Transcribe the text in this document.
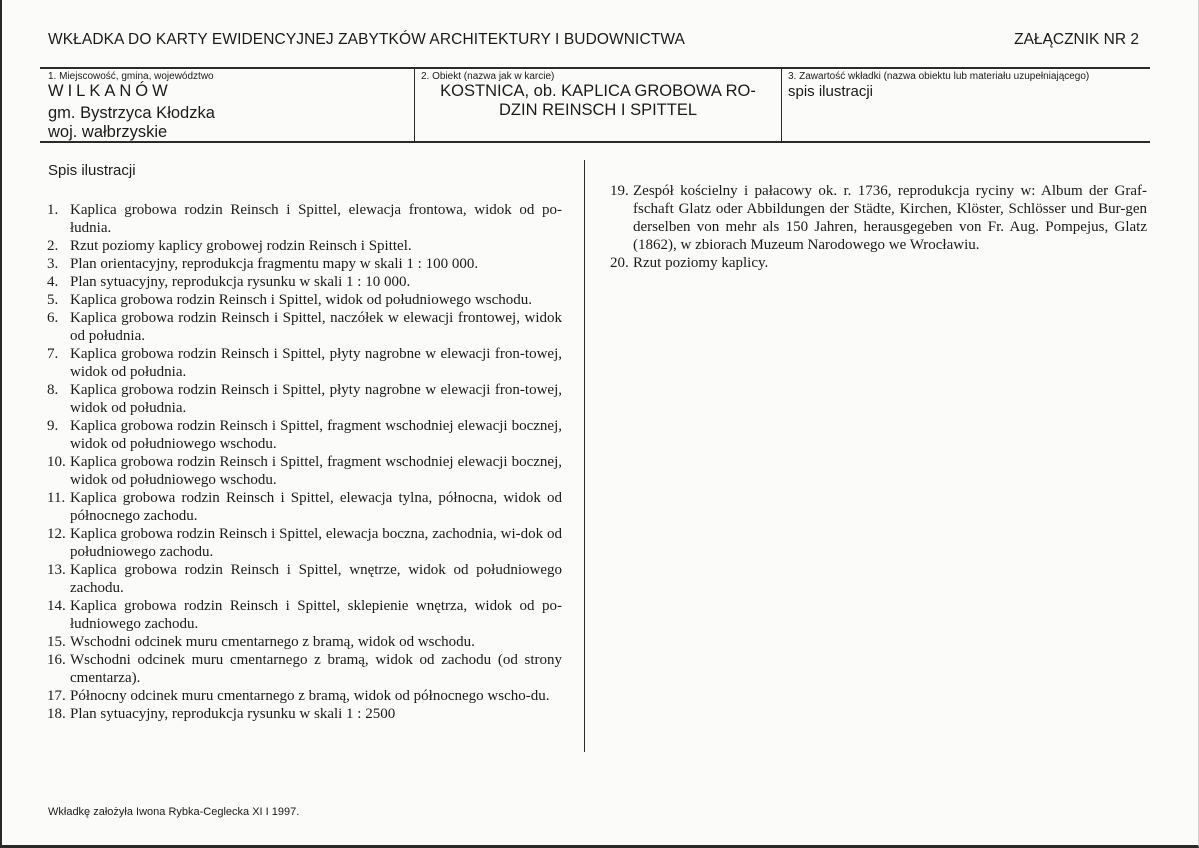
WKŁADKA DO KARTY EWIDENCYJNEJ ZABYTKÓW ARCHITEKTURY I BUDOWNICTWA	ZAŁĄCZNIK NR 2
1. Miejscowość, gmina, województwo
WILKANÓW
gm. Bystrzyca Kłodzka
woj. wałbrzyskie
2. Obiekt (nazwa jak w karcie)
KOSTNICA, ob. KAPLICA GROBOWA RO-
DZIN REINSCH I SPITTEL
3. Zawartość wkładki (nazwa obiektu lub materiału uzupełniającego)
spis ilustracji
Spis ilustracji
1. Kaplica grobowa rodzin Reinsch i Spittel, elewacja frontowa, widok od po-łudnia.
2. Rzut poziomy kaplicy grobowej rodzin Reinsch i Spittel.
3. Plan orientacyjny, reprodukcja fragmentu mapy w skali 1 : 100 000.
4. Plan sytuacyjny, reprodukcja rysunku w skali 1 : 10 000.
5. Kaplica grobowa rodzin Reinsch i Spittel, widok od południowego wschodu.
6. Kaplica grobowa rodzin Reinsch i Spittel, naczółek w elewacji frontowej, widok od południa.
7. Kaplica grobowa rodzin Reinsch i Spittel, płyty nagrobne w elewacji fron-towej, widok od południa.
8. Kaplica grobowa rodzin Reinsch i Spittel, płyty nagrobne w elewacji fron-towej, widok od południa.
9. Kaplica grobowa rodzin Reinsch i Spittel, fragment wschodniej elewacji bocznej, widok od południowego wschodu.
10. Kaplica grobowa rodzin Reinsch i Spittel, fragment wschodniej elewacji bocznej, widok od południowego wschodu.
11. Kaplica grobowa rodzin Reinsch i Spittel, elewacja tylna, północna, widok od północnego zachodu.
12. Kaplica grobowa rodzin Reinsch i Spittel, elewacja boczna, zachodnia, wi-dok od południowego zachodu.
13. Kaplica grobowa rodzin Reinsch i Spittel, wnętrze, widok od południowego zachodu.
14. Kaplica grobowa rodzin Reinsch i Spittel, sklepienie wnętrza, widok od po-łudniowego zachodu.
15. Wschodni odcinek muru cmentarnego z bramą, widok od wschodu.
16. Wschodni odcinek muru cmentarnego z bramą, widok od zachodu (od strony cmentarza).
17. Północny odcinek muru cmentarnego z bramą, widok od północnego wscho-du.
18. Plan sytuacyjny, reprodukcja rysunku w skali 1 : 2500
19. Zespół kościelny i pałacowy ok. r. 1736, reprodukcja ryciny w: Album der Graf-fschaft Glatz oder Abbildungen der Städte, Kirchen, Klöster, Schlösser und Bur-gen derselben von mehr als 150 Jahren, herausgegeben von Fr. Aug. Pompejus, Glatz (1862), w zbiorach Muzeum Narodowego we Wrocławiu.
20. Rzut poziomy kaplicy.
Wkładkę założyła Iwona Rybka-Ceglecka XI I 1997.
